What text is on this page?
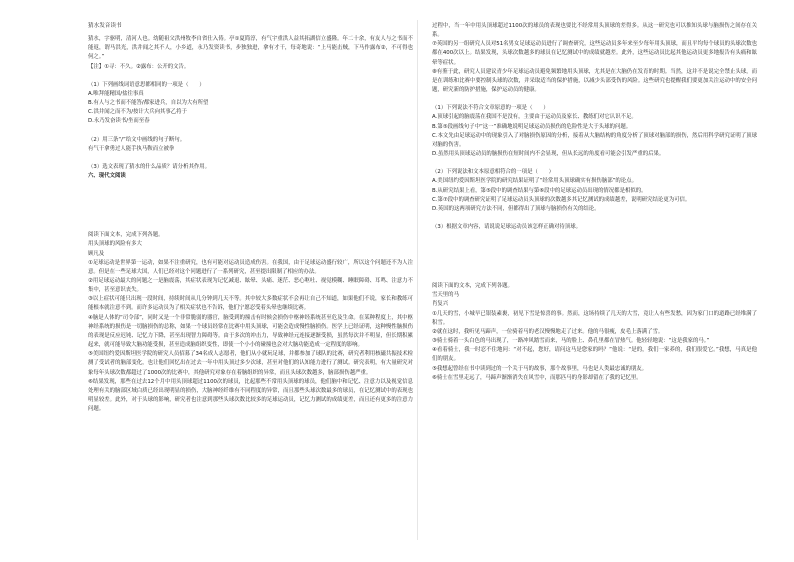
猜水发音读书

猜水，字驱明，清河人也。幼随祖父洪州牧李自省仕入俦。亭①夏简淳，有气宇重洪人益其拓湖信立盛隆。年二十余，有友人与之书而不能返，谓马洪光，洪井闻之其不人，小乡道，永乃发资读书，步独独进，拿有才干，每奇地说：“上马能击贼，下马作露布②，不可得也何之。”

【注】①寻：不久。②露布：公开的文告。

（1）下列画线词语意思都相同的一项是（　　）

A.唯拜能精国/盐往事真

B.有人与之书而不能答/都家进兵，自以为大有所望

C.洪井闻之而不为/按计大兵向其事乙将于

D.永乃发奋读书/坐而至春

（2）用三条“/”给文中画线的句子断句。

有气干拿勇过人能手执马鞍而立被拳

（3）选文表现了猜水的什么品质？请分析其作用。

六、现代文阅读

阅读下面文本，完成下列各题。

用头顶球的风险有多大

顾凡及

①足球运动是世界第一运动，如果不注重研究，也有可能对运动员造成伤害。在我国，由于足球运动盛行较广，所以这个问题还不为人注意。但是在一些足球大国，人们已经对这个问题进行了一系列研究，甚至提出限制了相应的办法。

②用足球运动最大的问题之一是脑震荡，其症状表现为记忆减退、眩晕、头痛、迷茫、恶心呕吐、视觉模糊、睡眠障碍、耳鸣、注意力不集中，甚至意识丧失。

③以上症状可能只出现一段时间，持续时间从几分钟到几天不等。其中较大多数症状不会再让自己不知道，如果他们不说，家长和教练可能根本就注意不到。而许多运动员为了相关症状也不告诉，他们宁愿忍受着头晕也继续比赛。

④脑是人体的“司令部”，同时又是一个非常脆弱的器官，脑受到的撞击有时候会损伤中枢神经系统甚至危及生命。在某种程度上，其中枢神经系统的损伤是一切脑损伤的总称，如果一个球员经常在比赛中用头顶球，可能会造成慢性脑损伤。医学上已经证明，这种慢性脑损伤的表现是反应迟钝、记忆力下降，甚至出现智力障碍等。由于多次的冲击力，导致神经元连接逐渐受损，虽然每次并不明显，但长期积累起来，就可能导致大脑功能受损，甚至造成脑组织变性，即使一个小小的碰撞也会对大脑功能造成一定程度的影响。

⑤美国纽约爱因斯坦医学院的研究人员招募了34名成人志愿者，他们从小就玩足球，并都参加了球队的比赛，研究者利用核磁共振技术检测了受试者的脑部变化，也让他们回忆出在过去一年中用头顶过多少次球，甚至对他们的认知能力进行了测试。研究表明，有大量研究对象每年头球次数都超过了1000次的比赛中，其他研究对象存在着脑组织的异常，而且头球次数越多，脑部损伤越严重。

⑥结果发现，那些在过去12个月中用头顶球超过1100次的球员，比起那些不常用头顶球的球员，他们脑中和记忆、注意力以及视觉信息处理有关的脑部区域白质已经出现明显的损伤，大脑神经纤维有不同程度的异常，而且那些头球次数最多的球员，在记忆测试中的表现也明显较差。此外，对于头球的影响，研究者也注意到那些头球次数比较多的足球运动员，记忆力测试的成绩更差，而且还有更多的注意力问题。

过程中，当一年中用头顶球超过1100次的球员的表现也要比不经常用头顶球的差得多。从这一研究也可以推知头球与脑损伤之间存在关系。

⑦英国的另一组研究人员对51名男女足球运动员进行了调查研究，这些运动员多年来至少每年用头顶球，而且平均每个球员的头球次数也都在400次以上。结果发现，头球次数越多的球员在记忆测试中的成绩就越差。此外，这些运动员比起其他运动员更多地报告有头痛和眩晕等症状。

⑧有鉴于此，研究人员建议青少年足球运动员避免频繁地用头顶球，尤其是在大脑仍在发育的时期。当然，这并不是说完全禁止头球，而是在训练和比赛中要控制头球的次数，并采取适当的保护措施，以减少头部受伤的风险。这些研究也提醒我们要更加关注运动中的安全问题，研究新的防护措施，保护运动员的健康。

（1）下列说法不符合文章原意的一项是（　　）

A.顶球引起的脑震荡在我国不是没有，主要由于运动员及家长、教练们对它认识不足。

B.第⑤段画线句子中“这一”准确地说明足球运动员损伤的危险性是大于头球的问题。

C.本文先由足球运动中的现象引入了对脑损伤原因的分析，接着从大脑结构的角度分析了顶球对脑部的损伤，然后用科学研究证明了顶球对脑的伤害。

D.虽然用头顶球运动员的脑损伤在短时间内不会显现，但从长远的角度看可能会引发严重的后果。

（2）下列说法和文本原意相符合的一项是（　　）

A.美国纽约爱因斯坦医学院的研究结果证明了“经常用头顶球确实有损伤脑部”的论点。

B.从研究结果上看，第⑤段中的调查结果与第⑥段中的足球运动员出现的情况都是相似的。

C.第⑦段中的调查研究证明了足球运动员头顶球的次数越多其记忆测试的成绩越差，说明研究结论更为可信。

D.英国的这两项研究方法不同，但都得出了顶球与脑损伤有关的结论。

（3）根据文章内容，请说说足球运动员该怎样正确对待顶球。

阅读下面的文本，完成下列各题。

雪天里的马

肖复兴

①几天的雪，小城早已银装素裹，初见下雪是惊喜的事。然而，这场持续了几天的大雪，竟让人有些发愁，因为家门口的道路已经堆满了积雪。

②就在这时，我听见马蹄声，一位骑着马的老汉慢慢地走了过来。他的马很瘦，皮毛上落满了雪。

③骑士骑着一头白色的马出现了，一路冲风踏雪而来，马的脸上、鼻孔里都在冒热气。他轻轻地说：“这是我家的马。”

④看着骑士，我一时忍不住地问：“对不起，您好，请问这马是您家的吗？”他说：“是的，我们一家养的，我们很爱它。”我想，马真是他们的朋友。

⑤我想起曾经在书中读到过的一个关于马的故事，那个故事里，马也是人类最忠诚的朋友。

⑥骑士在雪里走远了，马蹄声渐渐消失在风雪中，而那匹马的身影却留在了我的记忆里。
